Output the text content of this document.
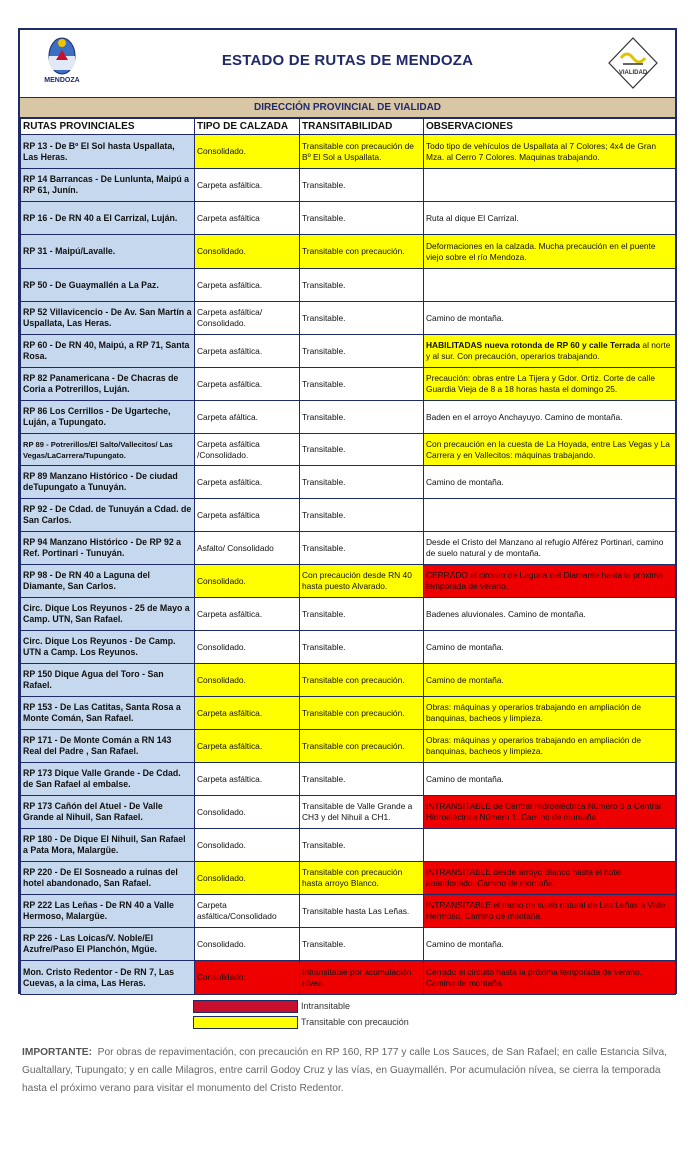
MENDOZA
ESTADO DE RUTAS DE MENDOZA
VIALIDAD
DIRECCIÓN PROVINCIAL DE VIALIDAD
RUTAS PROVINCIALES	TIPO DE CALZADA	TRANSITABILIDAD	OBSERVACIONES
RP 13 - De Bº El Sol hasta Uspallata, Las Heras.	Consolidado.	Transitable con precaución de Bº El Sol a Uspallata.	Todo tipo de vehículos de Uspallata al 7 Colores; 4x4 de Gran Mza. al Cerro 7 Colores. Maquinas trabajando.
RP 14 Barrancas - De Lunlunta, Maipú a RP 61, Junín.	Carpeta asfáltica.	Transitable.	
RP 16 - De RN 40 a El Carrizal, Luján.	Carpeta asfáltica	Transitable.	Ruta al dique El Carrizal.
RP 31 - Maipú/Lavalle.	Consolidado.	Transitable con precaución.	Deformaciones en la calzada. Mucha precaución en el puente viejo sobre el río Mendoza.
RP 50 - De Guaymallén a La Paz.	Carpeta asfáltica.	Transitable.	
RP 52 Villavicencio - De Av. San Martín a Uspallata, Las Heras.	Carpeta asfáltica/ Consolidado.	Transitable.	Camino de montaña.
RP 60 - De RN 40, Maipú, a RP 71, Santa Rosa.	Carpeta asfáltica.	Transitable.	HABILITADAS nueva rotonda de RP 60 y calle Terrada al norte y al sur. Con precaución, operarios trabajando.
RP 82 Panamericana - De Chacras de Coria a Potrerillos, Luján.	Carpeta asfáltica.	Transitable.	Precaución: obras entre La Tijera y Gdor. Ortiz. Corte de calle Guardia Vieja de 8 a 18 horas hasta el domingo 25.
RP 86 Los Cerrillos - De Ugarteche, Luján, a Tupungato.	Carpeta afáltica.	Transitable.	Baden en el arroyo Anchayuyo. Camino de montaña.
RP 89 - Potrerillos/El Salto/Vallecitos/ Las Vegas/LaCarrera/Tupungato.	Carpeta asfáltica /Consolidado.	Transitable.	Con precaución en la cuesta de La Hoyada, entre Las Vegas y La Carrera y en Vallecitos: máquinas trabajando.
RP 89 Manzano Histórico - De ciudad deTupungato a Tunuyán.	Carpeta asfáltica.	Transitable.	Camino de montaña.
RP 92 - De Cdad. de Tunuyán a Cdad. de San Carlos.	Carpeta asfáltica	Transitable.	
RP 94 Manzano Histórico - De RP 92 a Ref. Portinari - Tunuyán.	Asfalto/ Consolidado	Transitable.	Desde el Cristo del Manzano al refugio Alférez Portinari, camino de suelo natural y de montaña.
RP 98 - De RN 40 a Laguna del Diamante, San Carlos.	Consolidado.	Con precaución desde RN 40 hasta puesto Alvarado.	CERRADO el circuito de Laguna del Diamante hasta la próxima temporada de verano.
Circ. Dique Los Reyunos - 25 de Mayo a Camp. UTN, San Rafael.	Carpeta asfáltica.	Transitable.	Badenes aluvionales. Camino de montaña.
Circ. Dique Los Reyunos - De Camp. UTN a Camp. Los Reyunos.	Consolidado.	Transitable.	Camino de montaña.
RP 150 Dique Agua del Toro - San Rafael.	Consolidado.	Transitable con precaución.	Camino de montaña.
RP 153 - De Las Catitas, Santa Rosa a Monte Comán, San Rafael.	Carpeta asfáltica.	Transitable con precaución.	Obras: máquinas y operarios trabajando en ampliación de banquinas, bacheos y limpieza.
RP 171 - De Monte Comán a RN 143 Real del Padre , San Rafael.	Carpeta asfáltica.	Transitable con precaución.	Obras: máquinas y operarios trabajando en ampliación de banquinas, bacheos y limpieza.
RP 173 Dique Valle Grande - De Cdad. de San Rafael al embalse.	Carpeta asfáltica.	Transitable.	Camino de montaña.
RP 173 Cañón del Atuel - De Valle Grande al Nihuil, San Rafael.	Consolidado.	Transitable de Valle Grande a CH3 y del Nihuil a CH1.	INTRANSITABLE de Central Hidroeléctrica Número 3 a Central Hidroeléctrica Número 1. Camino de montaña.
RP 180 - De Dique El Nihuil, San Rafael a Pata Mora, Malargüe.	Consolidado.	Transitable.	
RP 220 - De El Sosneado a ruinas del hotel abandonado, San Rafael.	Consolidado.	Transitable con precaución hasta arroyo Blanco.	INTRANSITABLE desde arroyo Blanco hasta el hotel abandonado. Camino de montaña.
RP 222 Las Leñas - De RN 40 a Valle Hermoso, Malargüe.	Carpeta asfáltica/Consolidado	Transitable hasta Las Leñas.	INTRANSITABLE el tramo de suelo natural de Las Leñas a Valle Hermoso. Camino de montaña.
RP 226 - Las Loicas/V. Noble/El Azufre/Paso El Planchón, Mgüe.	Consolidado.	Transitable.	Camino de montaña.
Mon. Cristo Redentor - De RN 7, Las Cuevas, a la cima, Las Heras.	Consolidado.	Intransitable por acumulación nívea.	Cerrado el circuito hasta la próxima temporada de verano. Camino de montaña.
Intransitable
Transitable con precaución
IMPORTANTE: Por obras de repavimentación, con precaución en RP 160, RP 177 y calle Los Sauces, de San Rafael; en calle Estancia Silva, Gualtallary, Tupungato; y en calle Milagros, entre carril Godoy Cruz y las vías, en Guaymallén. Por acumulación nívea, se cierra la temporada hasta el próximo verano para visitar el monumento del Cristo Redentor.
